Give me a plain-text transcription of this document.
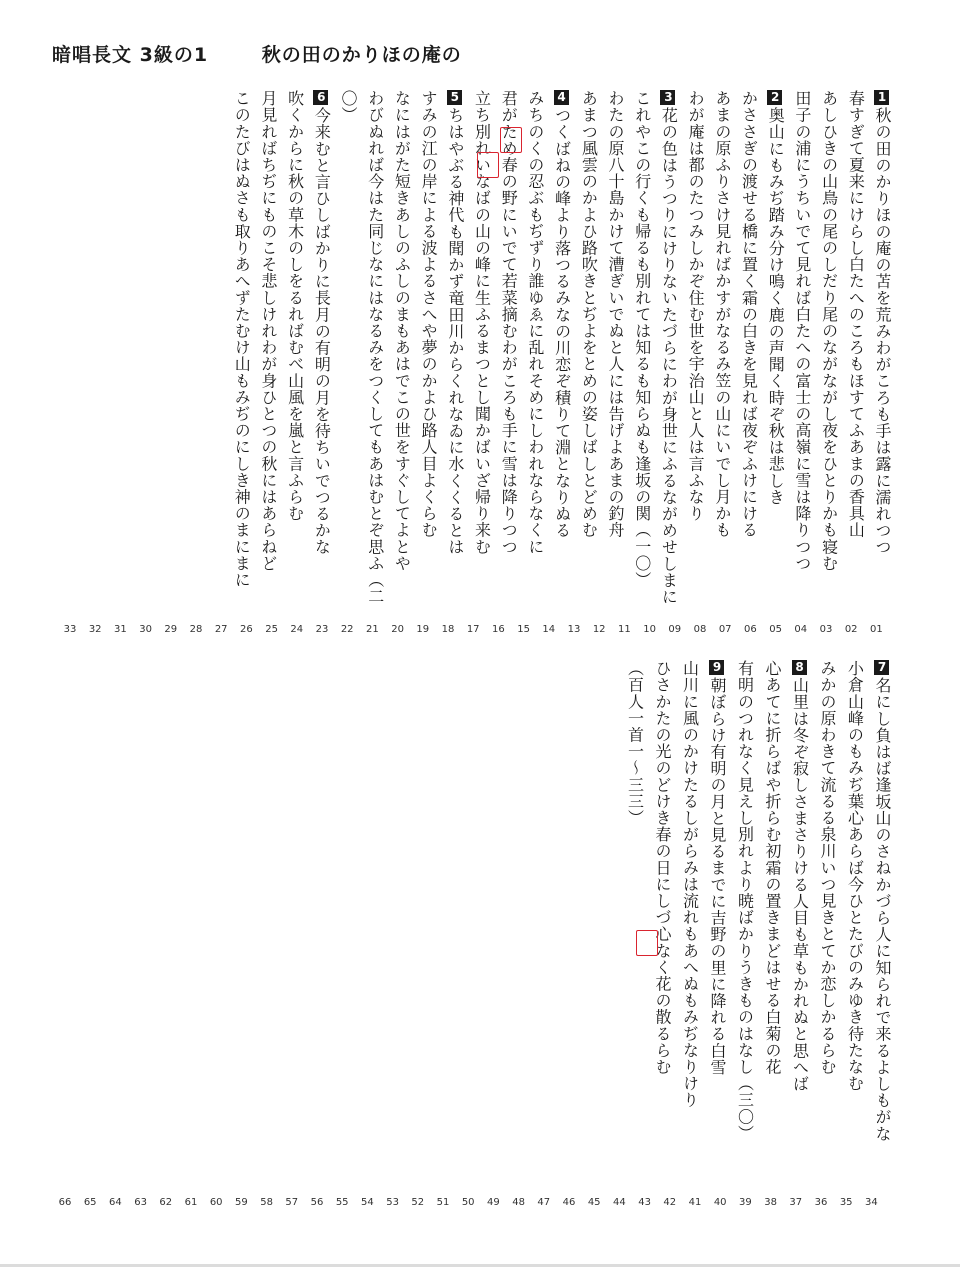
暗唱長文 3級の1	秋の田のかりほの庵の
1秋の田のかりほの庵の苫を荒みわがころも手は露に濡れつつ
春すぎて夏来にけらし白たへのころもほすてふあまの香具山
あしひきの山鳥の尾のしだり尾のながながし夜をひとりかも寝む
田子の浦にうちいでて見れば白たへの富士の高嶺に雪は降りつつ
2奥山にもみぢ踏み分け鳴く鹿の声聞く時ぞ秋は悲しき
かささぎの渡せる橋に置く霜の白きを見れば夜ぞふけにける
あまの原ふりさけ見ればかすがなるみ笠の山にいでし月かも
わが庵は都のたつみしかぞ住む世を宇治山と人は言ふなり
3花の色はうつりにけりないたづらにわが身世にふるながめせしまに
これやこの行くも帰るも別れては知るも知らぬも逢坂の関（一〇）
わたの原八十島かけて漕ぎいでぬと人には告げよあまの釣舟
あまつ風雲のかよひ路吹きとぢよをとめの姿しばしとどめむ
4つくばねの峰より落つるみなの川恋ぞ積りて淵となりぬる
みちのくの忍ぶもぢずり誰ゆゑに乱れそめにしわれならなくに
君がため春の野にいでて若菜摘むわがころも手に雪は降りつつ
立ち別れいなばの山の峰に生ふるまつとし聞かばいざ帰り来む
5ちはやぶる神代も聞かず竜田川からくれなゐに水くくるとは
すみの江の岸による波よるさへや夢のかよひ路人目よくらむ
なにはがた短きあしのふしのまもあはでこの世をすぐしてよとや
わびぬれば今はた同じなにはなるみをつくしてもあはむとぞ思ふ（二
〇）
6今来むと言ひしばかりに長月の有明の月を待ちいでつるかな
吹くからに秋の草木のしをるればむべ山風を嵐と言ふらむ
月見ればちぢにものこそ悲しけれわが身ひとつの秋にはあらねど
このたびはぬさも取りあへずたむけ山もみぢのにしき神のまにまに
7名にし負はば逢坂山のさねかづら人に知られで来るよしもがな
小倉山峰のもみぢ葉心あらば今ひとたびのみゆき待たなむ
みかの原わきて流るる泉川いつ見きとてか恋しかるらむ
8山里は冬ぞ寂しさまさりける人目も草もかれぬと思へば
心あてに折らばや折らむ初霜の置きまどはせる白菊の花
有明のつれなく見えし別れより暁ばかりうきものはなし（三〇）
9朝ぼらけ有明の月と見るまでに吉野の里に降れる白雪
山川に風のかけたるしがらみは流れもあへぬもみぢなりけり
ひさかたの光のどけき春の日にしづ心なく花の散るらむ
（百人一首一～三三）
33	32	31	30	29	28	27	26	25	24	23	22	21	20	19	18	17	16	15	14	13	12	11	10	09	08	07	06	05	04	03	02	01
66	65	64	63	62	61	60	59	58	57	56	55	54	53	52	51	50	49	48	47	46	45	44	43	42	41	40	39	38	37	36	35	34
